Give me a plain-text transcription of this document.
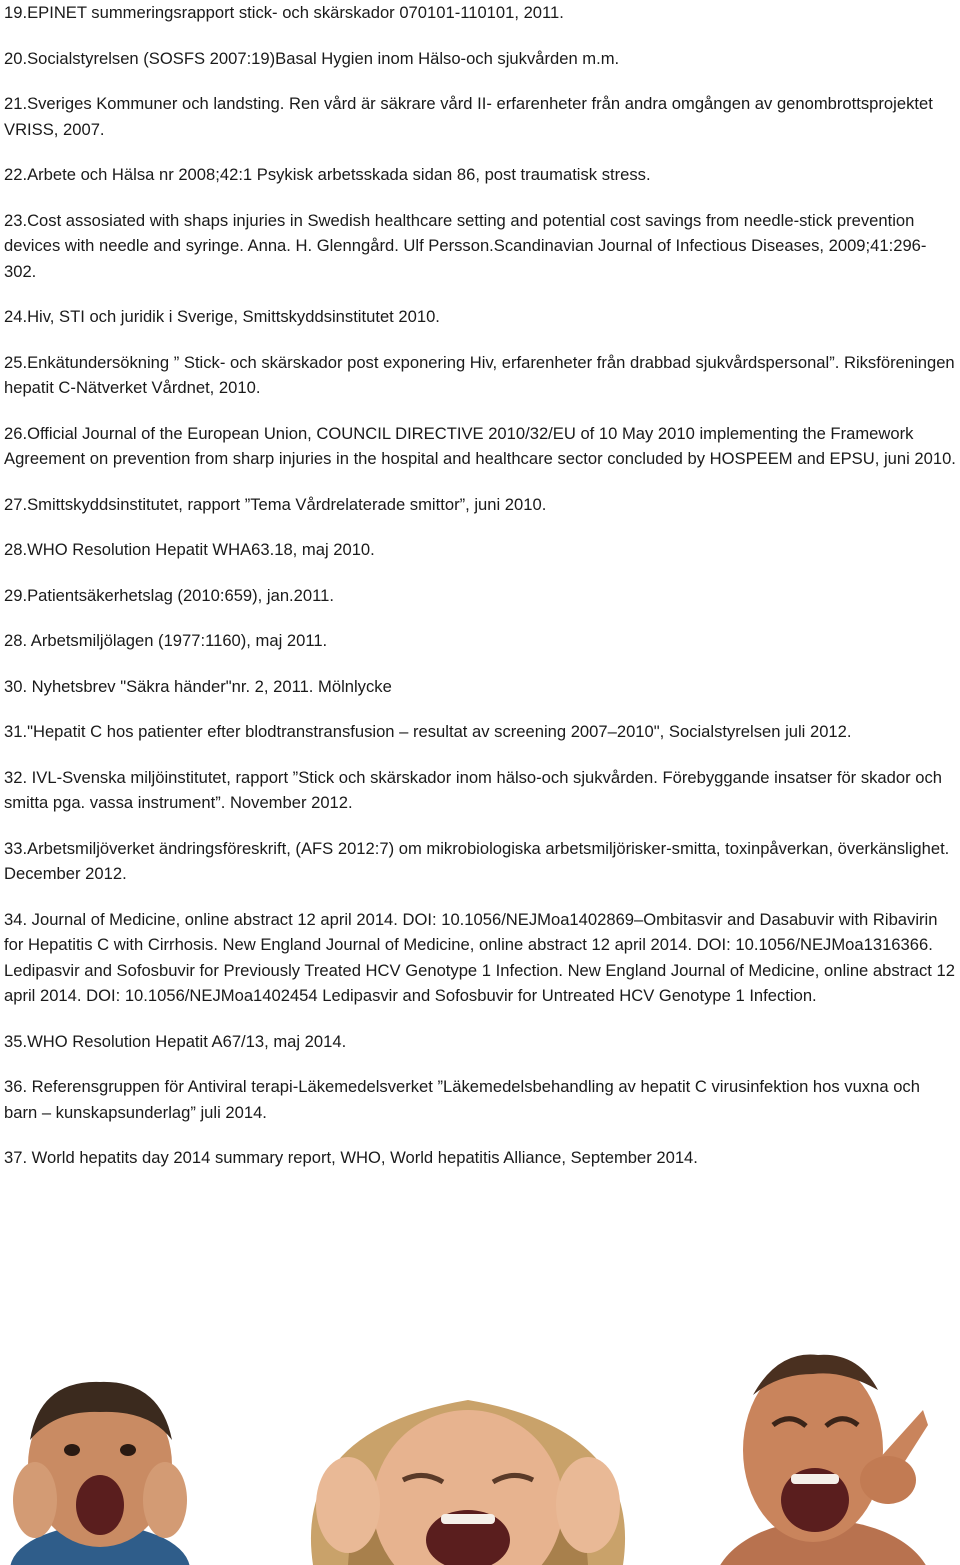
19.EPINET summeringsrapport stick- och skärskador 070101-110101, 2011.

20.Socialstyrelsen (SOSFS 2007:19)Basal Hygien inom Hälso-och sjukvården m.m.

21.Sveriges Kommuner och landsting. Ren vård är säkrare vård II- erfarenheter från andra omgången av genombrottsprojektet VRISS, 2007.

22.Arbete och Hälsa nr 2008;42:1 Psykisk arbetsskada sidan 86, post traumatisk stress.

23.Cost assosiated with shaps injuries in Swedish healthcare setting and potential cost savings from needle-stick prevention devices with needle and syringe. Anna. H. Glenngård. Ulf Persson.Scandinavian Journal of Infectious Diseases, 2009;41:296-302.

24.Hiv, STI och juridik i Sverige, Smittskyddsinstitutet 2010.

25.Enkätundersökning ” Stick- och skärskador post exponering Hiv, erfarenheter från drabbad sjukvårdspersonal”. Riksföreningen hepatit C-Nätverket Vårdnet, 2010.

26.Official Journal of the European Union, COUNCIL DIRECTIVE 2010/32/EU of 10 May 2010 implementing the Framework Agreement on prevention from sharp injuries in the hospital and healthcare sector concluded by HOSPEEM and EPSU, juni 2010.

27.Smittskyddsinstitutet, rapport ”Tema Vårdrelaterade smittor”, juni 2010.

28.WHO Resolution Hepatit WHA63.18, maj 2010.

29.Patientsäkerhetslag (2010:659), jan.2011.

28. Arbetsmiljölagen (1977:1160), maj 2011.

30. Nyhetsbrev "Säkra händer"nr. 2, 2011. Mölnlycke

31."Hepatit C hos patienter efter blodtranstransfusion – resultat av screening 2007–2010", Socialstyrelsen juli 2012.

32. IVL-Svenska miljöinstitutet, rapport ”Stick och skärskador inom hälso-och sjukvården. Förebyggande insatser för skador och smitta pga. vassa instrument”. November 2012.

33.Arbetsmiljöverket ändringsföreskrift, (AFS 2012:7) om mikrobiologiska arbetsmiljörisker-smitta, toxinpåverkan, överkänslighet. December 2012.

34. Journal of Medicine, online abstract 12 april 2014. DOI: 10.1056/NEJMoa1402869–Ombitasvir and Dasabuvir with Ribavirin for Hepatitis C with Cirrhosis. New England Journal of Medicine, online abstract 12 april 2014. DOI: 10.1056/NEJMoa1316366. Ledipasvir and Sofosbuvir for Previously Treated HCV Genotype 1 Infection. New England Journal of Medicine, online abstract 12 april 2014. DOI: 10.1056/NEJMoa1402454 Ledipasvir and Sofosbuvir for Untreated HCV Genotype 1 Infection.

35.WHO Resolution Hepatit A67/13, maj 2014.

36. Referensgruppen för Antiviral terapi-Läkemedelsverket ”Läkemedelsbehandling av hepatit C virusinfektion hos vuxna och barn – kunskapsunderlag” juli 2014.

37. World hepatits day 2014 summary report, WHO, World hepatitis Alliance, September 2014.
